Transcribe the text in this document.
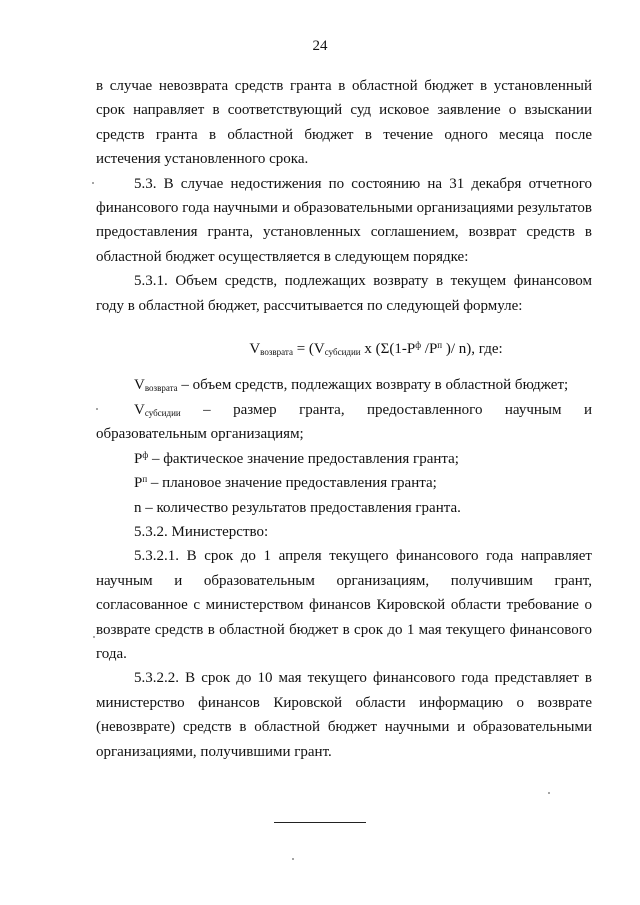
24

в случае невозврата средств гранта в областной бюджет в установленный срок направляет в соответствующий суд исковое заявление о взыскании средств гранта в областной бюджет в течение одного месяца после истечения установленного срока.

5.3. В случае недостижения по состоянию на 31 декабря отчетного финансового года научными и образовательными организациями результатов предоставления гранта, установленных соглашением, возврат средств в областной бюджет осуществляется в следующем порядке:

5.3.1. Объем средств, подлежащих возврату в текущем финансовом году в областной бюджет, рассчитывается по следующей формуле:

$V_{возврата} = (V_{субсидии}$ x ($\Sigma(1-P^ф$ $/P^п$ )/ n), где:

$V_{возврата}$ – объем средств, подлежащих возврату в областной бюджет;

$V_{субсидии}$ – размер гранта, предоставленного научным и

образовательным организациям;

$P^ф$ – фактическое значение предоставления гранта;

$P^п$ – плановое значение предоставления гранта;

n – количество результатов предоставления гранта.

5.3.2. Министерство:

5.3.2.1. В срок до 1 апреля текущего финансового года направляет научным и образовательным организациям, получившим грант, согласованное с министерством финансов Кировской области требование о возврате средств в областной бюджет в срок до 1 мая текущего финансового года.

5.3.2.2. В срок до 10 мая текущего финансового года представляет в министерство финансов Кировской области информацию о возврате (невозврате) средств в областной бюджет научными и образовательными организациями, получившими грант.
